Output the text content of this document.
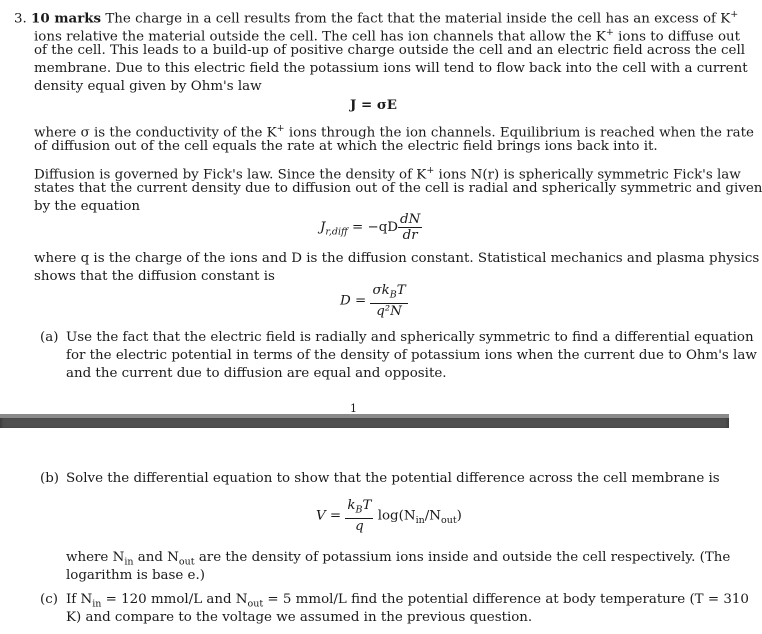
3. 10 marks The charge in a cell results from the fact that the material inside the cell has an excess of K+
ions relative the material outside the cell. The cell has ion channels that allow the K+ ions to diffuse out
of the cell. This leads to a build-up of positive charge outside the cell and an electric field across the cell
membrane. Due to this electric field the potassium ions will tend to flow back into the cell with a current
density equal given by Ohm's law
J = σE
where σ is the conductivity of the K+ ions through the ion channels. Equilibrium is reached when the rate
of diffusion out of the cell equals the rate at which the electric field brings ions back into it.
Diffusion is governed by Fick's law. Since the density of K+ ions N(r) is spherically symmetric Fick's law
states that the current density due to diffusion out of the cell is radial and spherically symmetric and given
by the equation
$J_{r,diff} = -qD \frac{dN}{dr}$
where q is the charge of the ions and D is the diffusion constant. Statistical mechanics and plasma physics
shows that the diffusion constant is
$D = \frac{\sigma k_BT}{\text{q²N}}$
(a) Use the fact that the electric field is radially and spherically symmetric to find a differential equation
for the electric potential in terms of the density of potassium ions when the current due to Ohm's law
and the current due to diffusion are equal and opposite.
1
(b) Solve the differential equation to show that the potential difference across the cell membrane is
$V = \frac{k_BT}{q} \log(N_{in}/N_{out})$
where $N_{in}$ and $N_{out}$ are the density of potassium ions inside and outside the cell respectively. (The
logarithm is base e.)
(c) If $N_{in} = 120$ mmol/L and $N_{out} = 5$ mmol/L find the potential difference at body temperature (T = 310
K) and compare to the voltage we assumed in the previous question.
